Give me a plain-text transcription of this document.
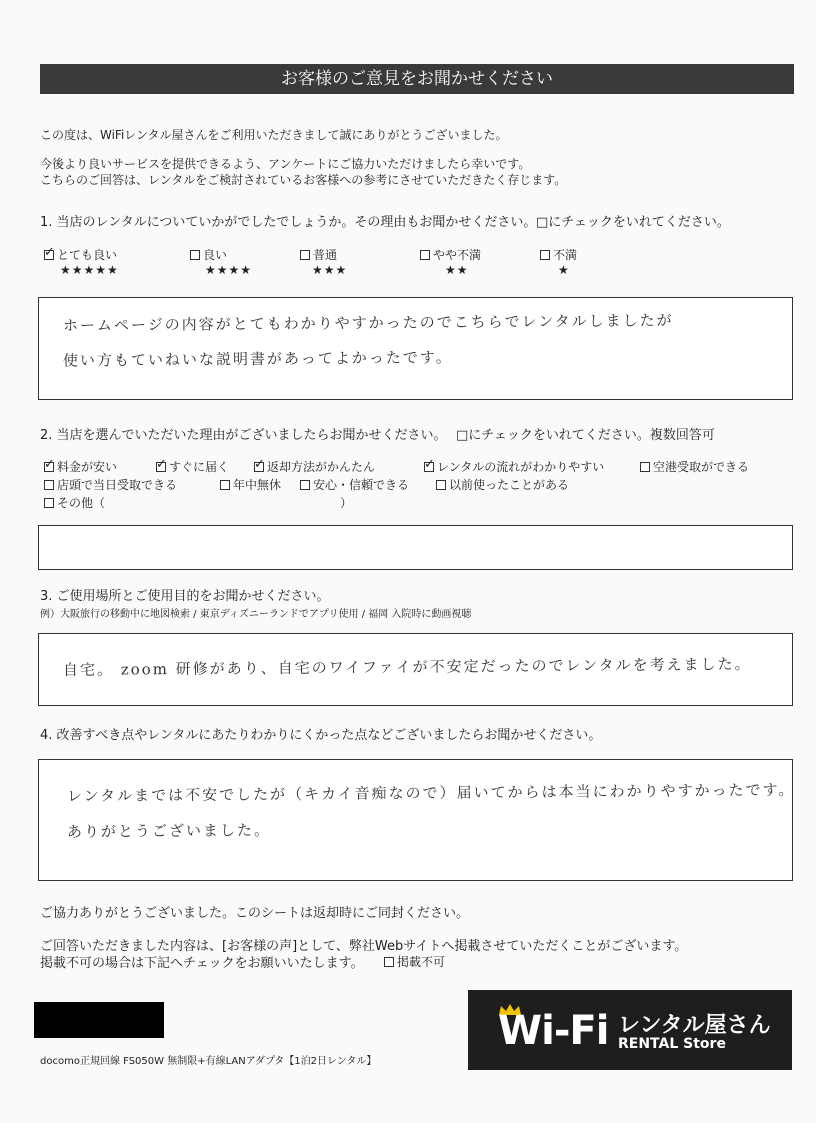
お客様のご意見をお聞かせください
この度は、WiFiレンタル屋さんをご利用いただきまして誠にありがとうございました。
今後より良いサービスを提供できるよう、アンケートにご協力いただけましたら幸いです。
こちらのご回答は、レンタルをご検討されているお客様への参考にさせていただきたく存じます。
1. 当店のレンタルについていかがでしたでしょうか。その理由もお聞かせください。 □にチェックをいれてください。
✓とても良い
★★★★★
良い
★★★★
普通
★★★
やや不満
★★
不満
★
ホームページの内容がとてもわかりやすかったのでこちらでレンタルしましたが
使い方もていねいな説明書があってよかったです。
2. 当店を選んでいただいた理由がございましたらお聞かせください。 □にチェックをいれてください。複数回答可
✓料金が安い ✓	すぐに届く ✓	返却方法がかんたん ✓	レンタルの流れがわかりやすい	空港受取ができる
店頭で当日受取できる	年中無休	安心・信頼できる	以前使ったことがある
その他（	）
3. ご使用場所とご使用目的をお聞かせください。
例）大阪旅行の移動中に地図検索 / 東京ディズニーランドでアプリ使用 / 福岡 入院時に動画視聴
自宅。 zoom 研修があり、自宅のワイファイが不安定だったのでレンタルを考えました。
4. 改善すべき点やレンタルにあたりわかりにくかった点などございましたらお聞かせください。
レンタルまでは不安でしたが（キカイ音痴なので）届いてからは本当にわかりやすかったです。
ありがとうございました。
ご協力ありがとうございました。このシートは返却時にご同封ください。
ご回答いただきました内容は、[お客様の声]として、弊社Webサイトへ掲載させていただくことがございます。
掲載不可の場合は下記へチェックをお願いいたします。	掲載不可
docomo正規回線 FS050W 無制限+有線LANアダプタ【1泊2日レンタル】
Wi-Fi レンタル屋さん
RENTAL Store
